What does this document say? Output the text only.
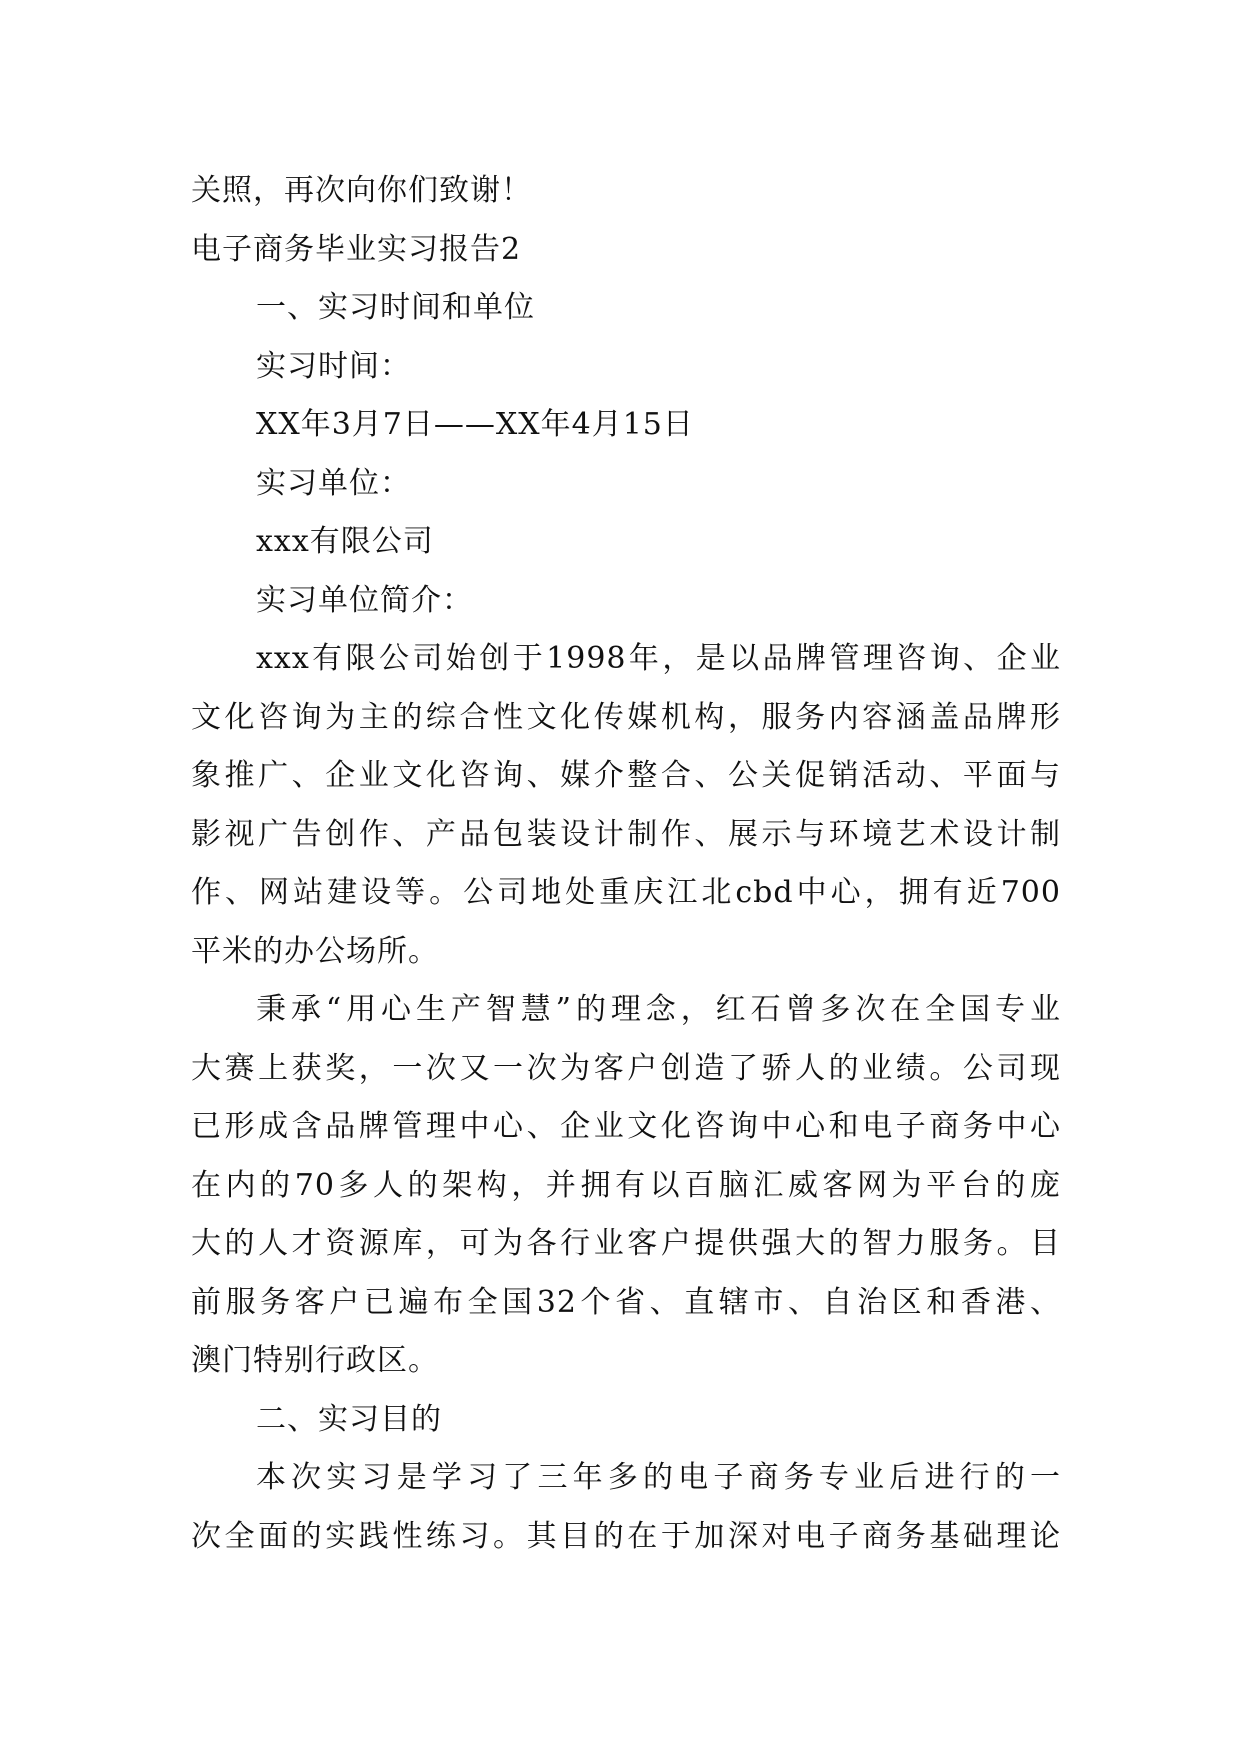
关照，再次向你们致谢！
电子商务毕业实习报告2
一、实习时间和单位
实习时间：
XX年3月7日——XX年4月15日
实习单位：
xxx有限公司
实习单位简介：
xxx有限公司始创于1998年，是以品牌管理咨询、企业
文化咨询为主的综合性文化传媒机构，服务内容涵盖品牌形
象推广、企业文化咨询、媒介整合、公关促销活动、平面与
影视广告创作、产品包装设计制作、展示与环境艺术设计制
作、网站建设等。公司地处重庆江北cbd中心，拥有近700
平米的办公场所。
秉承“用心生产智慧”的理念，红石曾多次在全国专业
大赛上获奖，一次又一次为客户创造了骄人的业绩。公司现
已形成含品牌管理中心、企业文化咨询中心和电子商务中心
在内的70多人的架构，并拥有以百脑汇威客网为平台的庞
大的人才资源库，可为各行业客户提供强大的智力服务。目
前服务客户已遍布全国32个省、直辖市、自治区和香港、
澳门特别行政区。
二、实习目的
本次实习是学习了三年多的电子商务专业后进行的一
次全面的实践性练习。其目的在于加深对电子商务基础理论
